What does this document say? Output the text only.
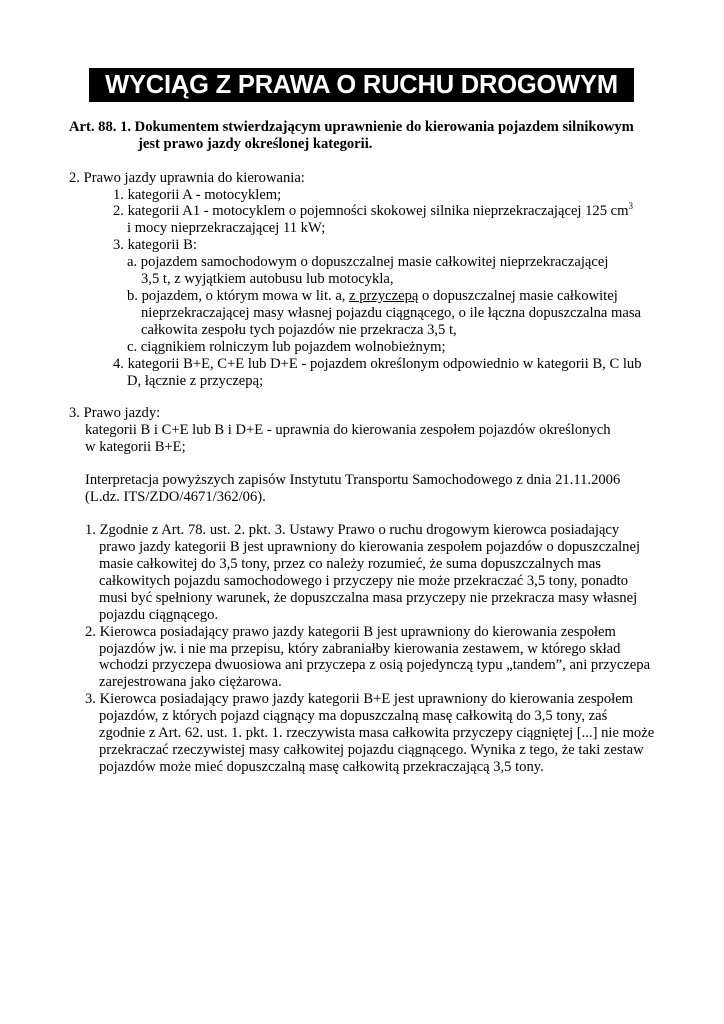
WYCIĄG Z PRAWA O RUCHU DROGOWYM
Art. 88. 1. Dokumentem stwierdzającym uprawnienie do kierowania pojazdem silnikowym
jest prawo jazdy określonej kategorii.
2. Prawo jazdy uprawnia do kierowania:
1. kategorii A - motocyklem;
2. kategorii A1 - motocyklem o pojemności skokowej silnika nieprzekraczającej 125 $cm^3$
i mocy nieprzekraczającej 11 kW;
3. kategorii B:
a. pojazdem samochodowym o dopuszczalnej masie całkowitej nieprzekraczającej
3,5 t, z wyjątkiem autobusu lub motocykla,
b. pojazdem, o którym mowa w lit. a, z przyczepą o dopuszczalnej masie całkowitej
nieprzekraczającej masy własnej pojazdu ciągnącego, o ile łączna dopuszczalna masa
całkowita zespołu tych pojazdów nie przekracza 3,5 t,
c. ciągnikiem rolniczym lub pojazdem wolnobieżnym;
4. kategorii B+E, C+E lub D+E - pojazdem określonym odpowiednio w kategorii B, C lub
D, łącznie z przyczepą;
3. Prawo jazdy:
kategorii B i C+E lub B i D+E - uprawnia do kierowania zespołem pojazdów określonych
w kategorii B+E;
Interpretacja powyższych zapisów Instytutu Transportu Samochodowego z dnia 21.11.2006
(L.dz. ITS/ZDO/4671/362/06).
1. Zgodnie z Art. 78. ust. 2. pkt. 3. Ustawy Prawo o ruchu drogowym kierowca posiadający
prawo jazdy kategorii B jest uprawniony do kierowania zespołem pojazdów o dopuszczalnej
masie całkowitej do 3,5 tony, przez co należy rozumieć, że suma dopuszczalnych mas
całkowitych pojazdu samochodowego i przyczepy nie może przekraczać 3,5 tony, ponadto
musi być spełniony warunek, że dopuszczalna masa przyczepy nie przekracza masy własnej
pojazdu ciągnącego.
2. Kierowca posiadający prawo jazdy kategorii B jest uprawniony do kierowania zespołem
pojazdów jw. i nie ma przepisu, który zabraniałby kierowania zestawem, w którego skład
wchodzi przyczepa dwuosiowa ani przyczepa z osią pojedynczą typu „tandem”, ani przyczepa
zarejestrowana jako ciężarowa.
3. Kierowca posiadający prawo jazdy kategorii B+E jest uprawniony do kierowania zespołem
pojazdów, z których pojazd ciągnący ma dopuszczalną masę całkowitą do 3,5 tony, zaś
zgodnie z Art. 62. ust. 1. pkt. 1. rzeczywista masa całkowita przyczepy ciągniętej [...] nie może
przekraczać rzeczywistej masy całkowitej pojazdu ciągnącego. Wynika z tego, że taki zestaw
pojazdów może mieć dopuszczalną masę całkowitą przekraczającą 3,5 tony.
